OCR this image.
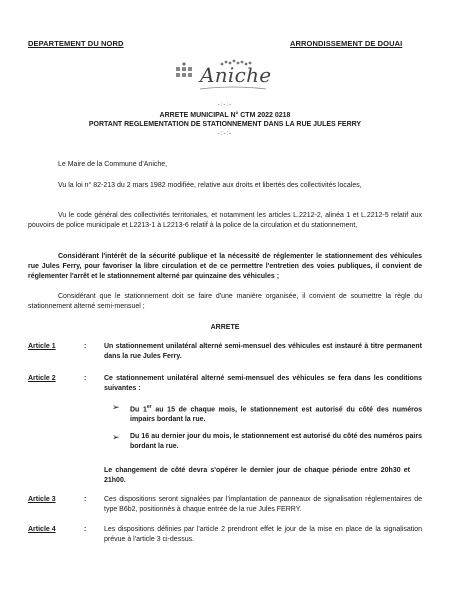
DEPARTEMENT DU NORD	ARRONDISSEMENT DE DOUAI
Aniche
-:-:-
ARRETE MUNICIPAL N° CTM 2022 0218
PORTANT REGLEMENTATION DE STATIONNEMENT DANS LA RUE JULES FERRY
-:-:-
Le Maire de la Commune d'Aniche,
Vu la loi n° 82-213 du 2 mars 1982 modifiée, relative aux droits et libertés des collectivités locales,
Vu le code général des collectivités territoriales, et notamment les articles L.2212-2, alinéa 1 et L.2212-5 relatif aux pouvoirs de police municipale et L2213-1 à L2213-6 relatif à la police de la circulation et du stationnement,
Considérant l'intérêt de la sécurité publique et la nécessité de réglementer le stationnement des véhicules rue Jules Ferry, pour favoriser la libre circulation et de ce permettre l'entretien des voies publiques, il convient de réglementer l'arrêt et le stationnement alterné par quinzaine des véhicules ;
Considérant que le stationnement doit se faire d'une manière organisée, il convient de soumettre la règle du stationnement alterné semi-mensuel ;
ARRETE
Article 1	:	Un stationnement unilatéral alterné semi-mensuel des véhicules est instauré à titre permanent dans la rue Jules Ferry.
Article 2	:	Ce stationnement unilatéral alterné semi-mensuel des véhicules se fera dans les conditions suivantes :
➢ Du 1er au 15 de chaque mois, le stationnement est autorisé du côté des numéros impairs bordant la rue.
➢ Du 16 au dernier jour du mois, le stationnement est autorisé du côté des numéros pairs bordant la rue.
Le changement de côté devra s'opérer le dernier jour de chaque période entre 20h30 et 21h00.
Article 3	:	Ces dispositions seront signalées par l'implantation de panneaux de signalisation réglementaires de type B6b2, positionnés à chaque entrée de la rue Jules FERRY.
Article 4	:	Les dispositions définies par l'article 2 prendront effet le jour de la mise en place de la signalisation prévue à l'article 3 ci-dessus.
